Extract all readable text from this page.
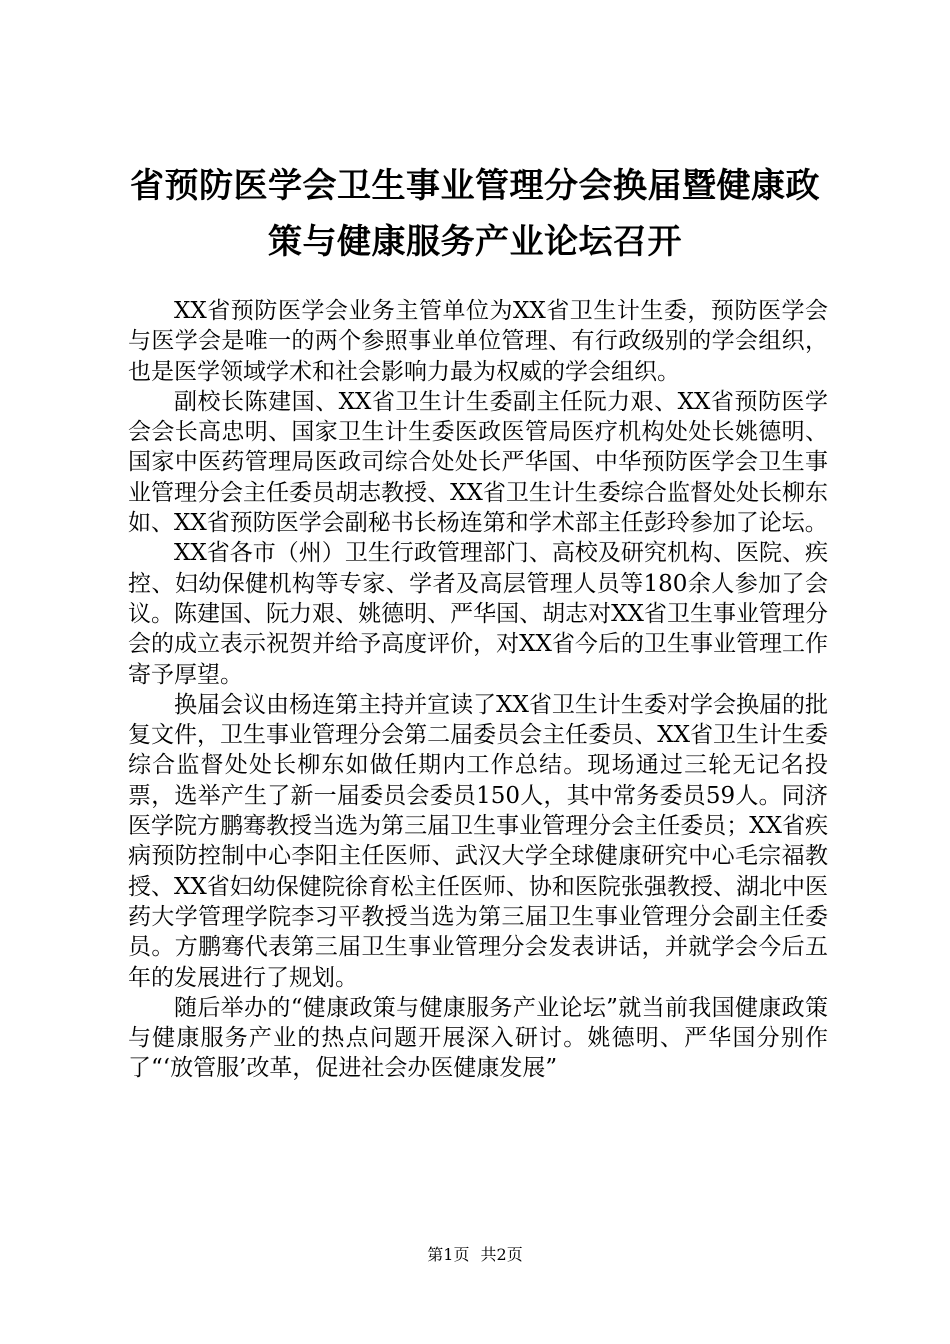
省预防医学会卫生事业管理分会换届暨健康政
策与健康服务产业论坛召开

XX省预防医学会业务主管单位为XX省卫生计生委，预防医学会与医学会是唯一的两个参照事业单位管理、有行政级别的学会组织，也是医学领域学术和社会影响力最为权威的学会组织。

副校长陈建国、XX省卫生计生委副主任阮力艰、XX省预防医学会会长高忠明、国家卫生计生委医政医管局医疗机构处处长姚德明、国家中医药管理局医政司综合处处长严华国、中华预防医学会卫生事业管理分会主任委员胡志教授、XX省卫生计生委综合监督处处长柳东如、XX省预防医学会副秘书长杨连第和学术部主任彭玲参加了论坛。

XX省各市（州）卫生行政管理部门、高校及研究机构、医院、疾控、妇幼保健机构等专家、学者及高层管理人员等180余人参加了会议。陈建国、阮力艰、姚德明、严华国、胡志对XX省卫生事业管理分会的成立表示祝贺并给予高度评价，对XX省今后的卫生事业管理工作寄予厚望。

换届会议由杨连第主持并宣读了XX省卫生计生委对学会换届的批复文件，卫生事业管理分会第二届委员会主任委员、XX省卫生计生委综合监督处处长柳东如做任期内工作总结。现场通过三轮无记名投票，选举产生了新一届委员会委员150人，其中常务委员59人。同济医学院方鹏骞教授当选为第三届卫生事业管理分会主任委员；XX省疾病预防控制中心李阳主任医师、武汉大学全球健康研究中心毛宗福教授、XX省妇幼保健院徐育松主任医师、协和医院张强教授、湖北中医药大学管理学院李习平教授当选为第三届卫生事业管理分会副主任委员。方鹏骞代表第三届卫生事业管理分会发表讲话，并就学会今后五年的发展进行了规划。

随后举办的“健康政策与健康服务产业论坛”就当前我国健康政策与健康服务产业的热点问题开展深入研讨。姚德明、严华国分别作了“‘放管服’改革，促进社会办医健康发展”

第1页 共2页
